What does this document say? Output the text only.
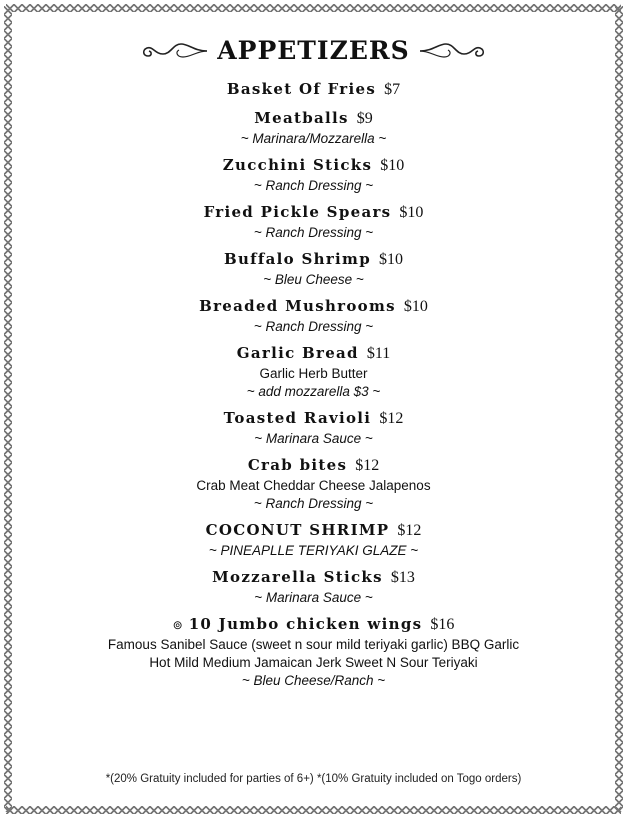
APPETIZERS
Basket Of Fries $7
Meatballs $9
~ Marinara/Mozzarella ~
Zucchini Sticks $10
~ Ranch Dressing ~
Fried Pickle Spears $10
~ Ranch Dressing ~
Buffalo Shrimp $10
~ Bleu Cheese ~
Breaded Mushrooms $10
~ Ranch Dressing ~
Garlic Bread $11
Garlic Herb Butter
~ add mozzarella $3 ~
Toasted Ravioli $12
~ Marinara Sauce ~
Crab bites $12
Crab Meat Cheddar Cheese Jalapenos
~ Ranch Dressing ~
COCONUT SHRIMP $12
~ PINEAPLLE TERIYAKI GLAZE ~
Mozzarella Sticks $13
~ Marinara Sauce ~
⊚ 10 Jumbo chicken wings $16
Famous Sanibel Sauce (sweet n sour mild teriyaki garlic) BBQ Garlic
Hot Mild Medium Jamaican Jerk Sweet N Sour Teriyaki
~ Bleu Cheese/Ranch ~
*(20% Gratuity included for parties of 6+) *(10% Gratuity included on Togo orders)
